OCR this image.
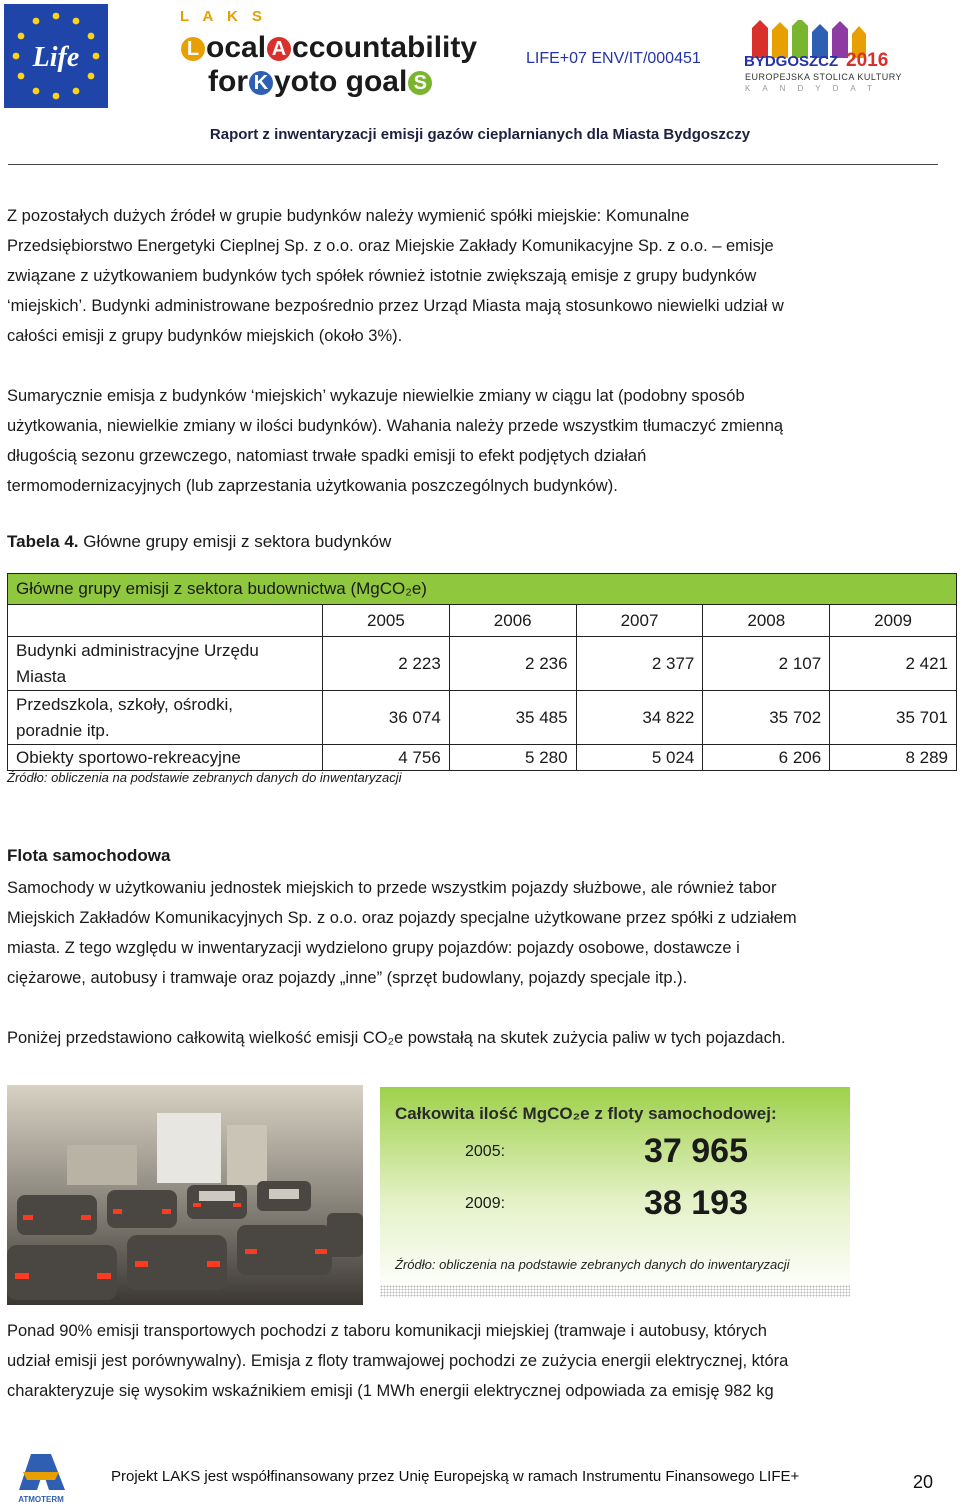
Life
L A K S
L ocal A ccountability
for K yoto goal S
LIFE+07 ENV/IT/000451	BYDGOSZCZ 2016
EUROPEJSKA STOLICA KULTURY
KANDYDAT
Raport z inwentaryzacji emisji gazów cieplarnianych dla Miasta Bydgoszczy
Z pozostałych dużych źródeł w grupie budynków należy wymienić spółki miejskie: Komunalne
Przedsiębiorstwo Energetyki Cieplnej Sp. z o.o. oraz Miejskie Zakłady Komunikacyjne Sp. z o.o. – emisje
związane z użytkowaniem budynków tych spółek również istotnie zwiększają emisje z grupy budynków
‘miejskich’. Budynki administrowane bezpośrednio przez Urząd Miasta mają stosunkowo niewielki udział w
całości emisji z grupy budynków miejskich (około 3%).
Sumarycznie emisja z budynków ‘miejskich’ wykazuje niewielkie zmiany w ciągu lat (podobny sposób
użytkowania, niewielkie zmiany w ilości budynków). Wahania należy przede wszystkim tłumaczyć zmienną
długością sezonu grzewczego, natomiast trwałe spadki emisji to efekt podjętych działań
termomodernizacyjnych (lub zaprzestania użytkowania poszczególnych budynków).
Tabela 4. Główne grupy emisji z sektora budynków
Główne grupy emisji z sektora budownictwa (MgCO₂e)					
	2005	2006	2007	2008	2009
Budynki administracyjne Urzędu
Miasta	2 223	2 236	2 377	2 107	2 421
Przedszkola, szkoły, ośrodki,
poradnie itp.	36 074	35 485	34 822	35 702	35 701
Obiekty sportowo-rekreacyjne	4 756	5 280	5 024	6 206	8 289
Źródło: obliczenia na podstawie zebranych danych do inwentaryzacji
Flota samochodowa
Samochody w użytkowaniu jednostek miejskich to przede wszystkim pojazdy służbowe, ale również tabor
Miejskich Zakładów Komunikacyjnych Sp. z o.o. oraz pojazdy specjalne użytkowane przez spółki z udziałem
miasta. Z tego względu w inwentaryzacji wydzielono grupy pojazdów: pojazdy osobowe, dostawcze i
ciężarowe, autobusy i tramwaje oraz pojazdy „inne” (sprzęt budowlany, pojazdy specjale itp.).
Poniżej przedstawiono całkowitą wielkość emisji CO₂e powstałą na skutek zużycia paliw w tych pojazdach.
Całkowita ilość MgCO₂e z floty samochodowej:
2005:	37 965
2009:	38 193
Źródło: obliczenia na podstawie zebranych danych do inwentaryzacji
Ponad 90% emisji transportowych pochodzi z taboru komunikacji miejskiej (tramwaje i autobusy, których
udział emisji jest porównywalny). Emisja z floty tramwajowej pochodzi ze zużycia energii elektrycznej, która
charakteryzuje się wysokim wskaźnikiem emisji (1 MWh energii elektrycznej odpowiada za emisję 982 kg
ATMOTERM
Projekt LAKS jest współfinansowany przez Unię Europejską w ramach Instrumentu Finansowego LIFE+	20
